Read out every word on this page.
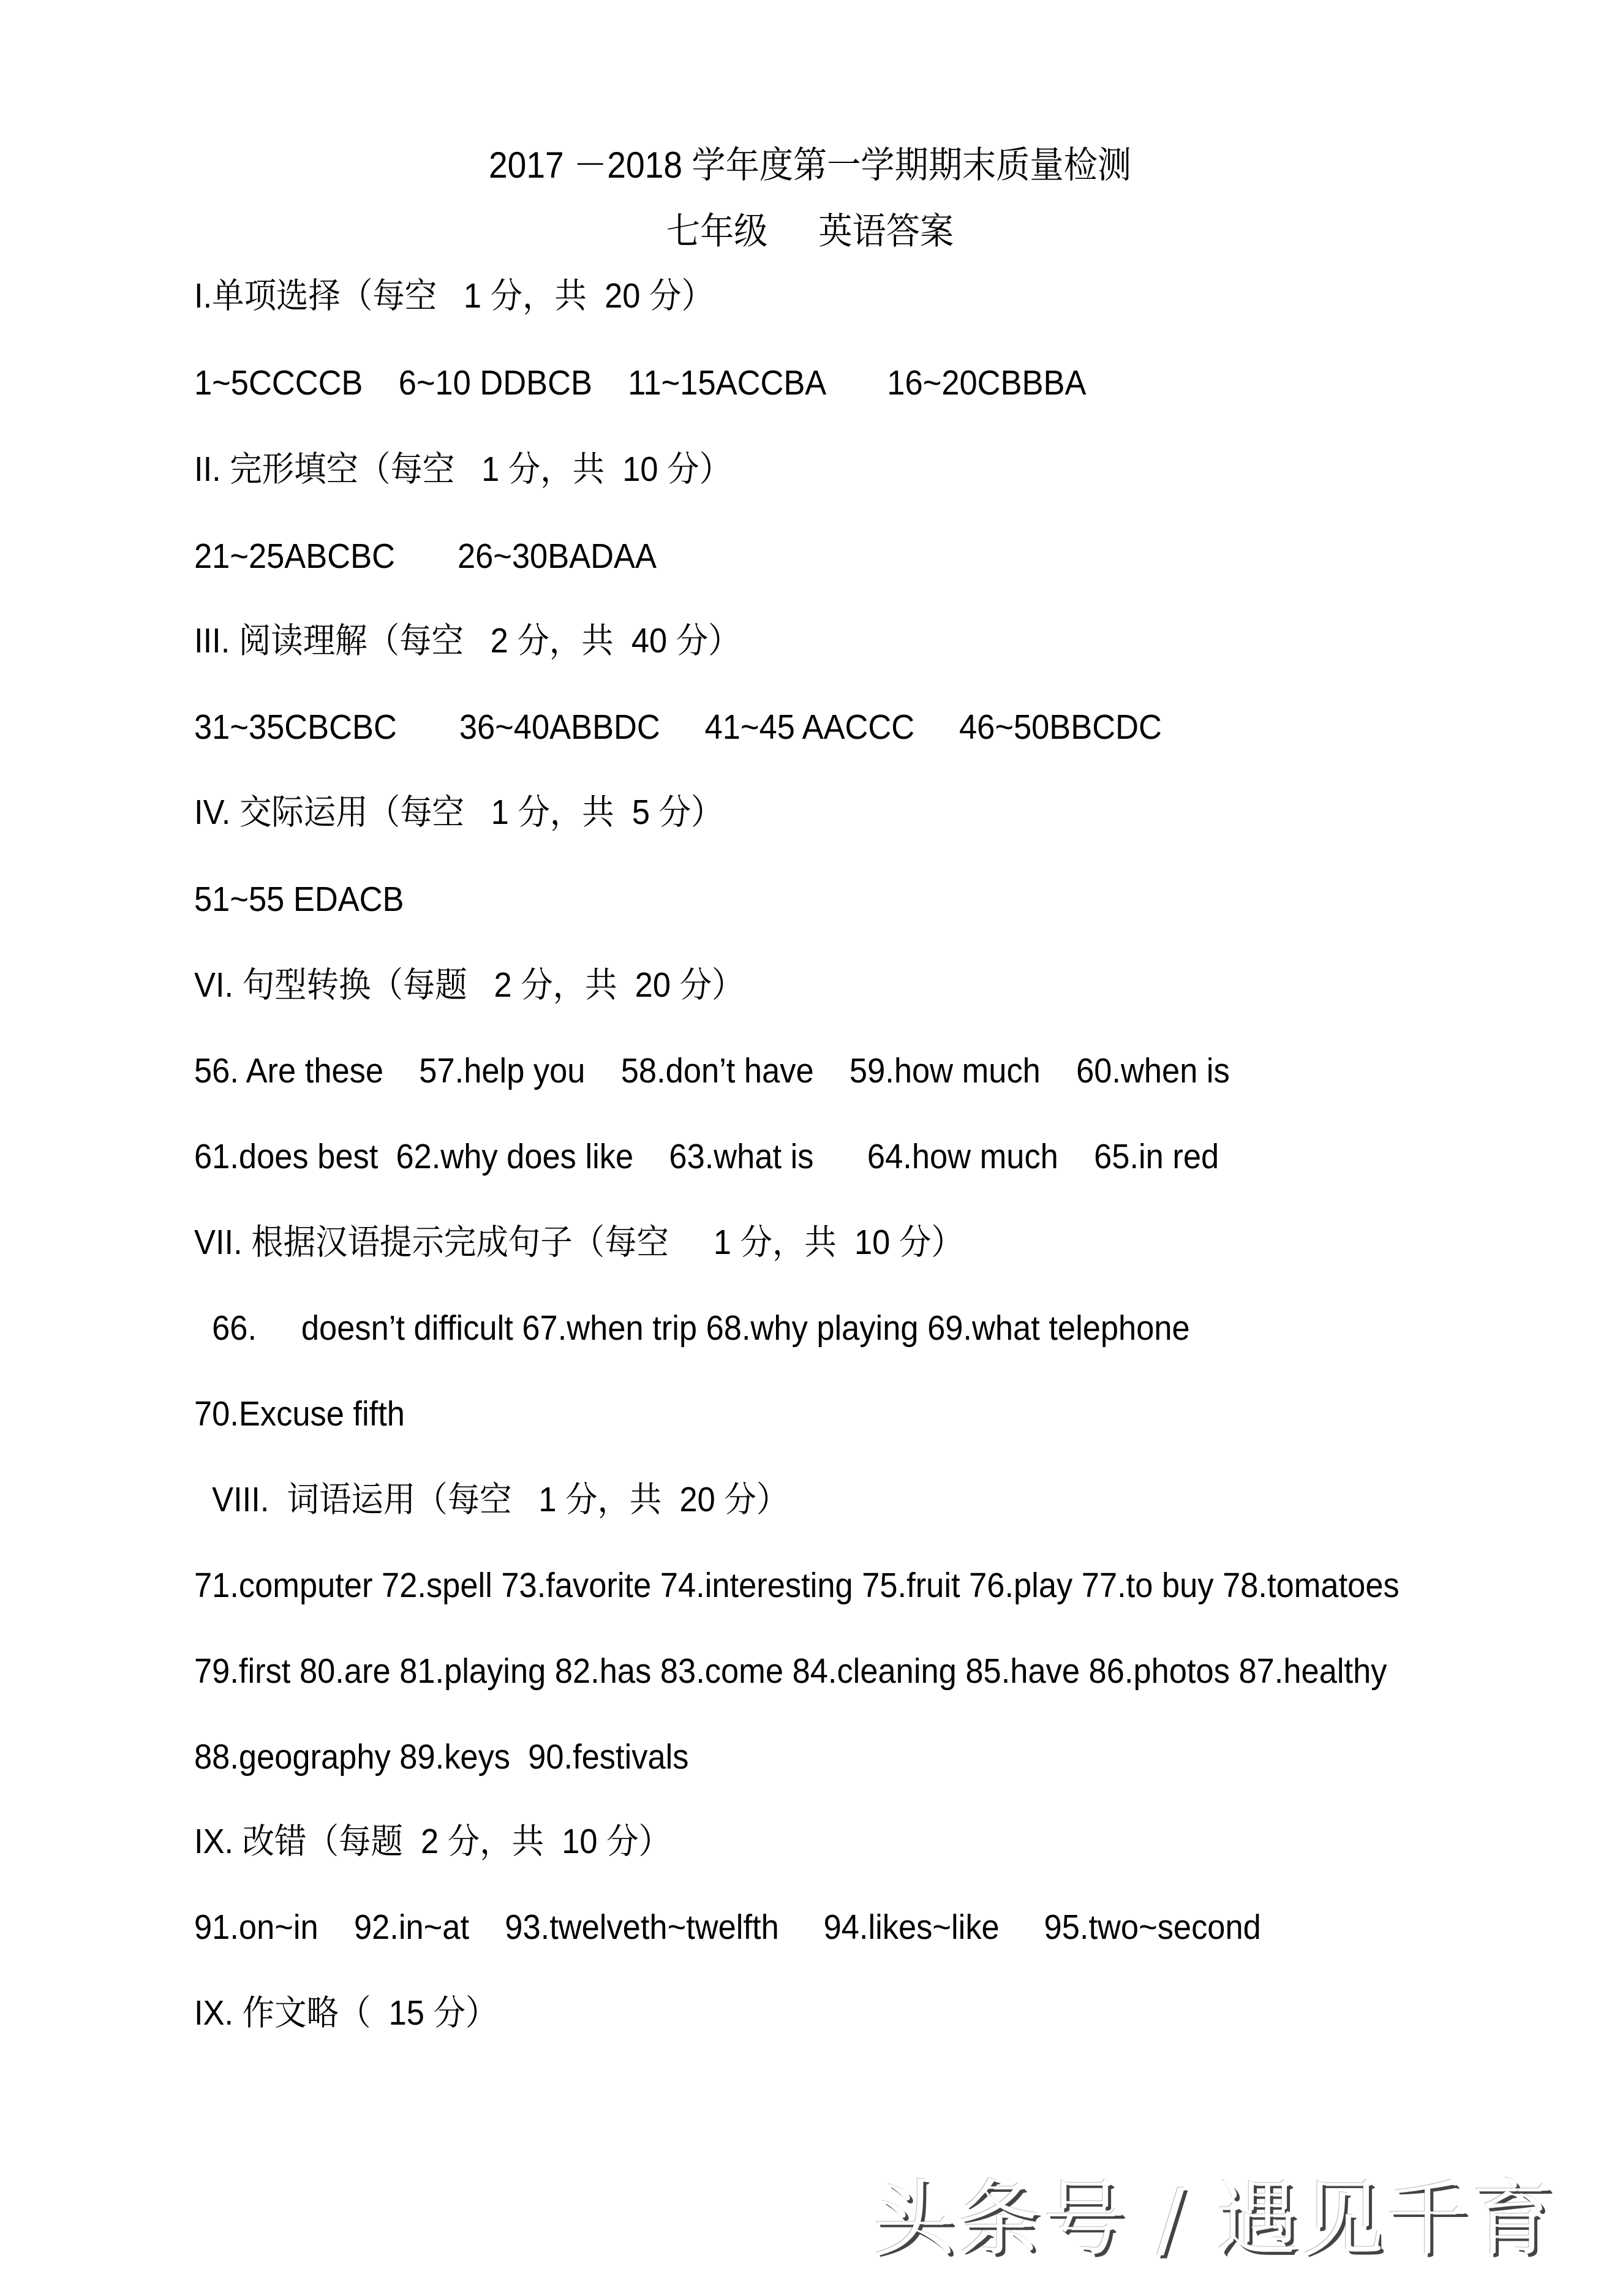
2017 －2018 学年度第一学期期末质量检测
七年级 英语答案
I.单项选择（每空   1 分，共  20 分）
1~5CCCCB    6~10 DDBCB    11~15ACCBA       16~20CBBBA
II. 完形填空（每空   1 分，共  10 分）
21~25ABCBC       26~30BADAA
III. 阅读理解（每空   2 分，共  40 分）
31~35CBCBC       36~40ABBDC     41~45 AACCC     46~50BBCDC
IV. 交际运用（每空   1 分，共  5 分）
51~55 EDACB
VI. 句型转换（每题   2 分，共  20 分）
56. Are these    57.help you    58.don’t have    59.how much    60.when is
61.does best  62.why does like    63.what is      64.how much    65.in red
VII. 根据汉语提示完成句子（每空     1 分，共  10 分）
66.     doesn’t difficult 67.when trip 68.why playing 69.what telephone
70.Excuse fifth
VIII.  词语运用（每空   1 分，共  20 分）
71.computer 72.spell 73.favorite 74.interesting 75.fruit 76.play 77.to buy 78.tomatoes
79.first 80.are 81.playing 82.has 83.come 84.cleaning 85.have 86.photos 87.healthy
88.geography 89.keys  90.festivals
IX. 改错（每题  2 分，共  10 分）
91.on~in    92.in~at    93.twelveth~twelfth     94.likes~like     95.two~second
IX. 作文略（  15 分）
头条号 / 遇见千育
